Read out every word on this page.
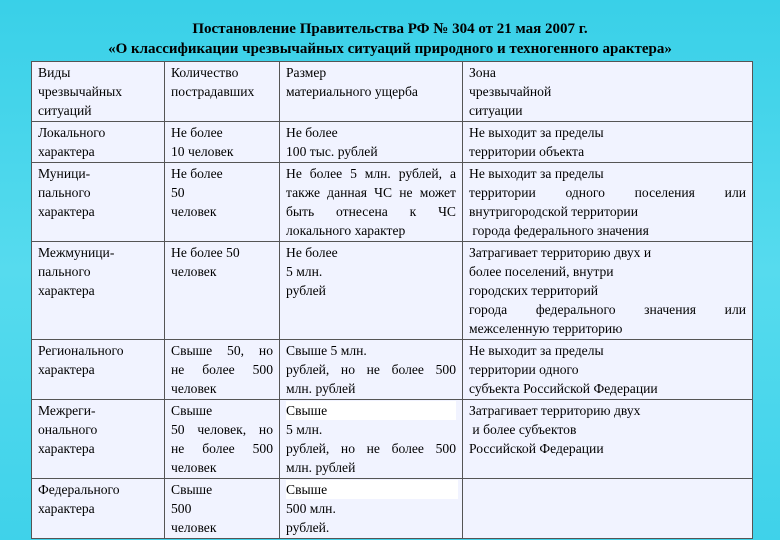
Постановление Правительства РФ № 304 от 21 мая 2007 г.
«О классификации чрезвычайных ситуаций природного и техногенного арактера»
Виды
чрезвычайных
ситуаций	Количество
пострадавших	Размер
материального ущерба	Зона
чрезвычайной
ситуации

Локального
характера	Не более
10 человек	Не более
100 тыс. рублей	Не выходит за пределы
территории объекта

Муници-
пального
характера	Не более
50
человек	Не более 5 млн. рублей, а
также данная ЧС не может
быть отнесена к ЧС
локального характер	Не выходит за пределы
территории одного поселения или
внутригородской территории
города федерального значения

Межмуници-
пального
характера	Не более 50
человек	Не более
5 млн.
рублей	Затрагивает территорию двух и
более поселений, внутри
городских территорий
города федерального значения или
межселенную территорию

Регионального
характера	Свыше 50, но
не более 500
человек	Свыше 5 млн.
рублей, но не более 500
млн. рублей	Не выходит за пределы
территории одного
субъекта Российской Федерации

Межреги-
онального
характера	Свыше
50 человек, но
не более 500
человек	Свыше
5 млн.
рублей, но не более 500
млн. рублей	Затрагивает территорию двух
и более субъектов
Российской Федерации

Федерального
характера	Свыше
500
человек	Свыше
500 млн.
рублей.	
